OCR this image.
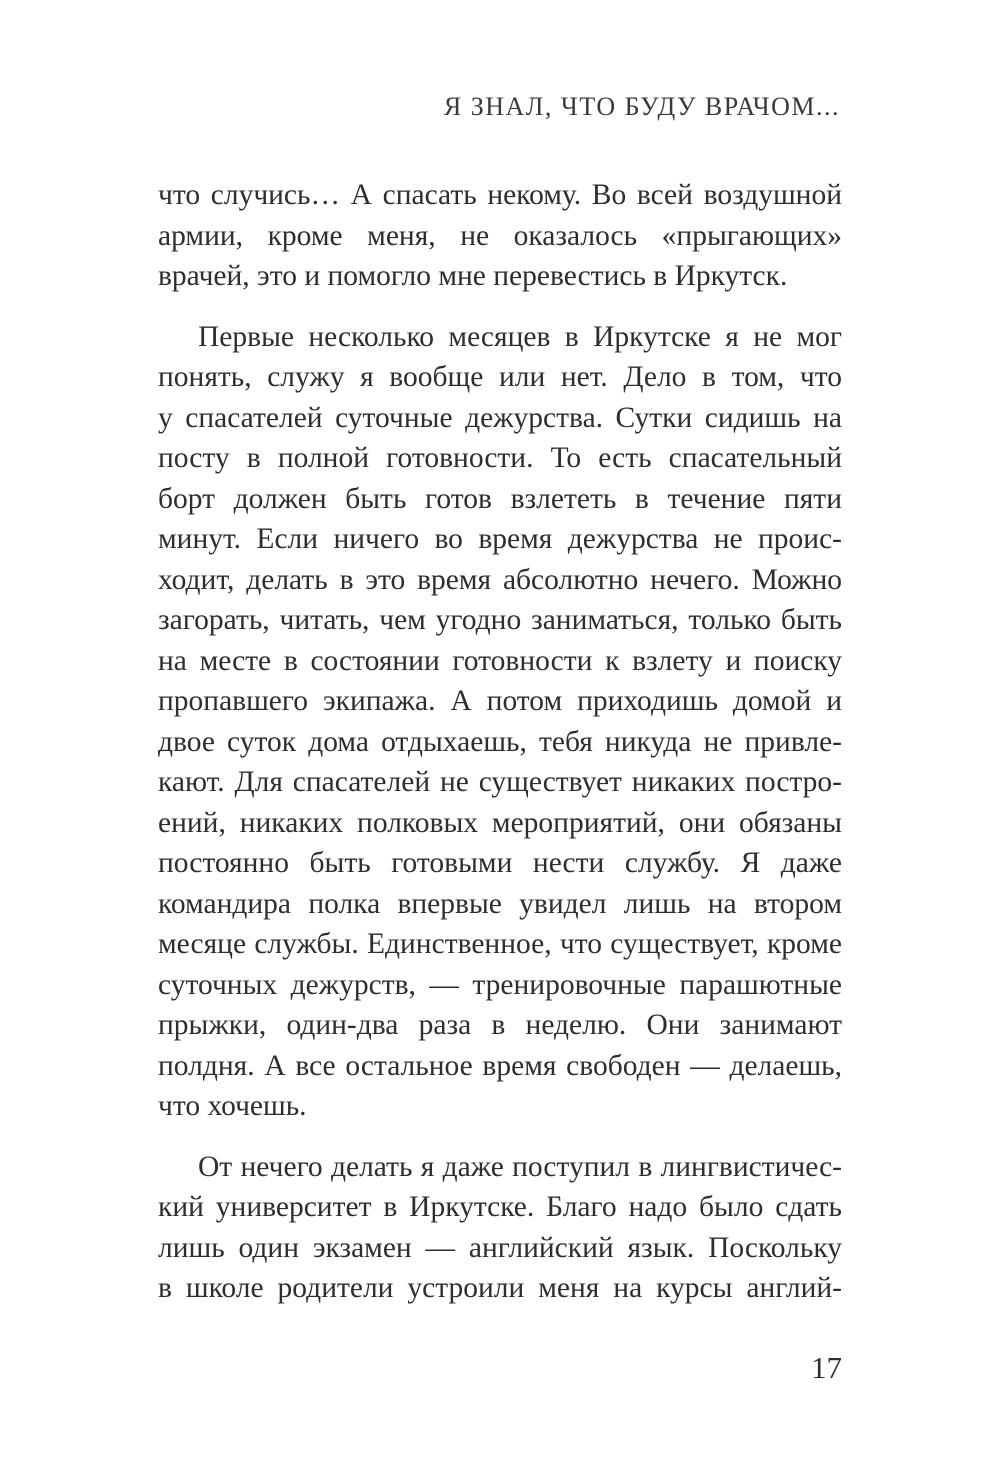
Я ЗНАЛ, ЧТО БУДУ ВРАЧОМ...
что случись… А спасать некому. Во всей воздушной
армии, кроме меня, не оказалось «прыгающих»
врачей, это и помогло мне перевестись в Иркутск.
Первые несколько месяцев в Иркутске я не мог
понять, служу я вообще или нет. Дело в том, что
у спасателей суточные дежурства. Сутки сидишь на
посту в полной готовности. То есть спасательный
борт должен быть готов взлететь в течение пяти
минут. Если ничего во время дежурства не проис-
ходит, делать в это время абсолютно нечего. Можно
загорать, читать, чем угодно заниматься, только быть
на месте в состоянии готовности к взлету и поиску
пропавшего экипажа. А потом приходишь домой и
двое суток дома отдыхаешь, тебя никуда не привле-
кают. Для спасателей не существует никаких постро-
ений, никаких полковых мероприятий, они обязаны
постоянно быть готовыми нести службу. Я даже
командира полка впервые увидел лишь на втором
месяце службы. Единственное, что существует, кроме
суточных дежурств, — тренировочные парашютные
прыжки, один-два раза в неделю. Они занимают
полдня. А все остальное время свободен — делаешь,
что хочешь.
От нечего делать я даже поступил в лингвистичес-
кий университет в Иркутске. Благо надо было сдать
лишь один экзамен — английский язык. Поскольку
в школе родители устроили меня на курсы англий-
17
